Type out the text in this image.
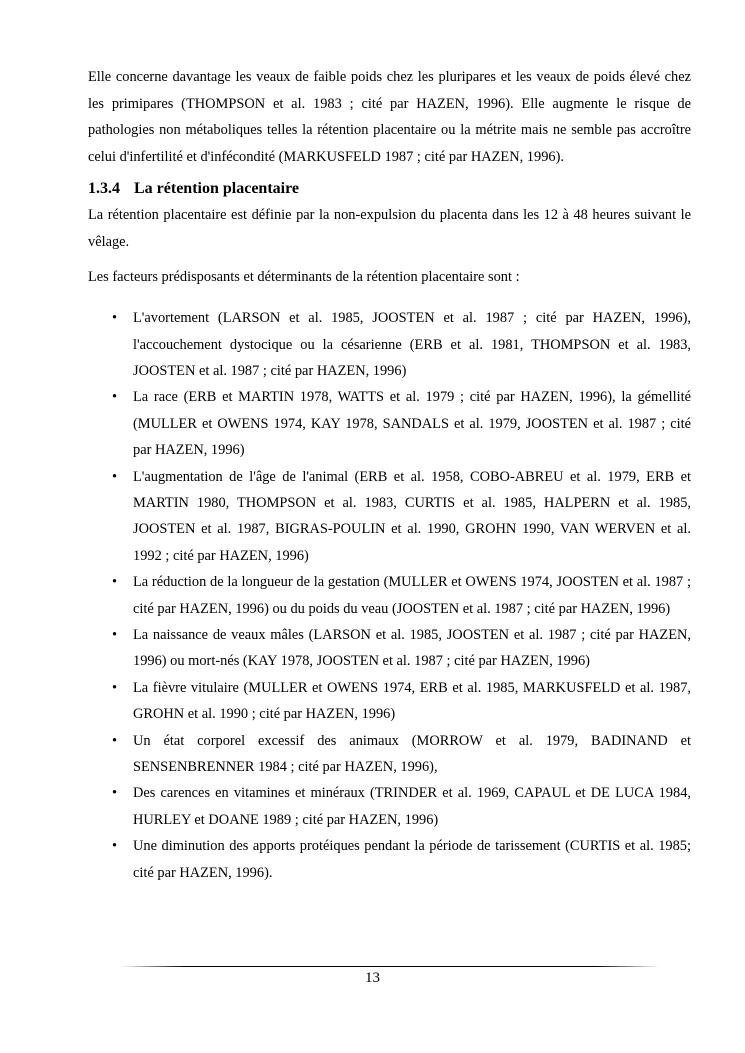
Elle concerne davantage les veaux de faible poids chez les pluripares et les veaux de poids élevé chez les primipares (THOMPSON et al. 1983 ; cité par HAZEN, 1996). Elle augmente le risque de pathologies non métaboliques telles la rétention placentaire ou la métrite mais ne semble pas accroître celui d'infertilité et d'infécondité (MARKUSFELD 1987 ; cité par HAZEN, 1996).

1.3.4 La rétention placentaire

La rétention placentaire est définie par la non-expulsion du placenta dans les 12 à 48 heures suivant le vêlage.

Les facteurs prédisposants et déterminants de la rétention placentaire sont :

• L'avortement (LARSON et al. 1985, JOOSTEN et al. 1987 ; cité par HAZEN, 1996), l'accouchement dystocique ou la césarienne (ERB et al. 1981, THOMPSON et al. 1983, JOOSTEN et al. 1987 ; cité par HAZEN, 1996)
• La race (ERB et MARTIN 1978, WATTS et al. 1979 ; cité par HAZEN, 1996), la gémellité (MULLER et OWENS 1974, KAY 1978, SANDALS et al. 1979, JOOSTEN et al. 1987 ; cité par HAZEN, 1996)
• L'augmentation de l'âge de l'animal (ERB et al. 1958, COBO-ABREU et al. 1979, ERB et MARTIN 1980, THOMPSON et al. 1983, CURTIS et al. 1985, HALPERN et al. 1985, JOOSTEN et al. 1987, BIGRAS-POULIN et al. 1990, GROHN 1990, VAN WERVEN et al. 1992 ; cité par HAZEN, 1996)
• La réduction de la longueur de la gestation (MULLER et OWENS 1974, JOOSTEN et al. 1987 ; cité par HAZEN, 1996) ou du poids du veau (JOOSTEN et al. 1987 ; cité par HAZEN, 1996)
• La naissance de veaux mâles (LARSON et al. 1985, JOOSTEN et al. 1987 ; cité par HAZEN, 1996) ou mort-nés (KAY 1978, JOOSTEN et al. 1987 ; cité par HAZEN, 1996)
• La fièvre vitulaire (MULLER et OWENS 1974, ERB et al. 1985, MARKUSFELD et al. 1987, GROHN et al. 1990 ; cité par HAZEN, 1996)
• Un état corporel excessif des animaux (MORROW et al. 1979, BADINAND et SENSENBRENNER 1984 ; cité par HAZEN, 1996),
• Des carences en vitamines et minéraux (TRINDER et al. 1969, CAPAUL et DE LUCA 1984, HURLEY et DOANE 1989 ; cité par HAZEN, 1996)
• Une diminution des apports protéiques pendant la période de tarissement (CURTIS et al. 1985; cité par HAZEN, 1996).
13
